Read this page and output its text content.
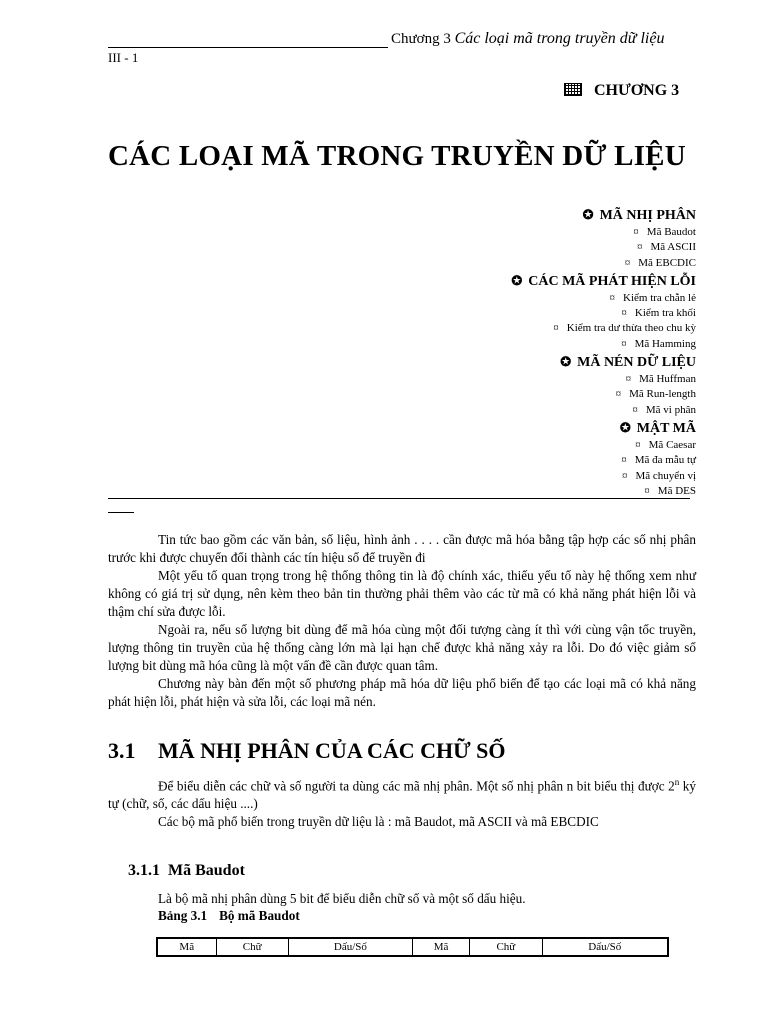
Chương 3 Các loại mã trong truyền dữ liệu
III - 1
CHƯƠNG 3
CÁC LOẠI MÃ TRONG TRUYỀN DỮ LIỆU
✪ MÃ NHỊ PHÂN
¤ Mã Baudot
¤ Mã ASCII
¤ Mã EBCDIC
✪ CÁC MÃ PHÁT HIỆN LỖI
¤ Kiểm tra chẵn lẻ
¤ Kiểm tra khối
¤ Kiểm tra dư thừa theo chu kỳ
¤ Mã Hamming
✪ MÃ NÉN DỮ LIỆU
¤ Mã Huffman
¤ Mã Run-length
¤ Mã vi phân
✪ MẬT MÃ
¤ Mã Caesar
¤ Mã đa mẫu tự
¤ Mã chuyển vị
¤ Mã DES

Tin tức bao gồm các văn bản, số liệu, hình ảnh . . . . cần được mã hóa bằng tập hợp các số nhị phân trước khi được chuyển đổi thành các tín hiệu số để truyền đi

Một yếu tố quan trọng trong hệ thống thông tin là độ chính xác, thiếu yếu tố này hệ thống xem như không có giá trị sử dụng, nên kèm theo bản tin thường phải thêm vào các từ mã có khả năng phát hiện lỗi và thậm chí sửa được lỗi.

Ngoài ra, nếu số lượng bit dùng để mã hóa cùng một đối tượng càng ít thì với cùng vận tốc truyền, lượng thông tin truyền của hệ thống càng lớn mà lại hạn chế được khả năng xảy ra lỗi. Do đó việc giảm số lượng bit dùng mã hóa cũng là một vấn đề cần được quan tâm.

Chương này bàn đến một số phương pháp mã hóa dữ liệu phổ biến để tạo các loại mã có khả năng phát hiện lỗi, phát hiện và sửa lỗi, các loại mã nén.

3.1 MÃ NHỊ PHÂN CỦA CÁC CHỮ SỐ

Để biểu diễn các chữ và số người ta dùng các mã nhị phân. Một số nhị phân n bit biểu thị được 2$^n$ ký tự (chữ, số, các dấu hiệu ....)

Các bộ mã phổ biến trong truyền dữ liệu là : mã Baudot, mã ASCII và mã EBCDIC

3.1.1 Mã Baudot
Là bộ mã nhị phân dùng 5 bit để biểu diễn chữ số và một số dấu hiệu.
Bảng 3.1 Bộ mã Baudot
Mã	Chữ	Dấu/Số	Mã	Chữ	Dấu/Số
